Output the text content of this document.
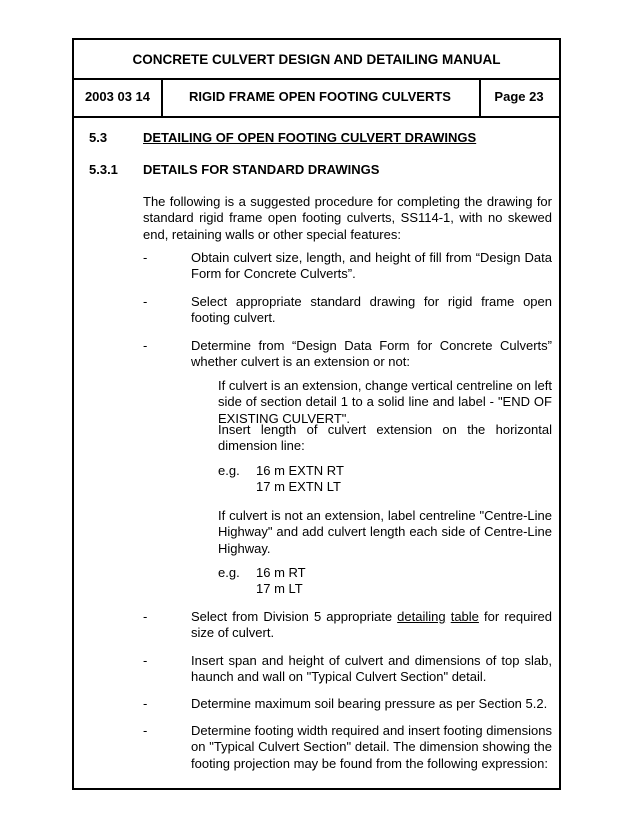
CONCRETE CULVERT DESIGN AND DETAILING MANUAL
2003 03 14	RIGID FRAME OPEN FOOTING CULVERTS	Page 23
5.3	DETAILING OF OPEN FOOTING CULVERT DRAWINGS
5.3.1 DETAILS FOR STANDARD DRAWINGS
The following is a suggested procedure for completing the drawing for standard rigid frame open footing culverts, SS114-1, with no skewed end, retaining walls or other special features:
-	Obtain culvert size, length, and height of fill from “Design Data Form for Concrete Culverts”.
-	Select appropriate standard drawing for rigid frame open footing culvert.
-	Determine from “Design Data Form for Concrete Culverts” whether culvert is an extension or not:
If culvert is an extension, change vertical centreline on left side of section detail 1 to a solid line and label - "END OF EXISTING CULVERT".
Insert length of culvert extension on the horizontal dimension line:
e.g. 16 m EXTN RT
17 m EXTN LT
If culvert is not an extension, label centreline "Centre-Line Highway" and add culvert length each side of Centre-Line Highway.
e.g. 16 m RT
17 m LT
-	Select from Division 5 appropriate detailing table for required size of culvert.
-	Insert span and height of culvert and dimensions of top slab, haunch and wall on "Typical Culvert Section" detail.
-	Determine maximum soil bearing pressure as per Section 5.2.
-	Determine footing width required and insert footing dimensions on "Typical Culvert Section" detail. The dimension showing the footing projection may be found from the following expression:
